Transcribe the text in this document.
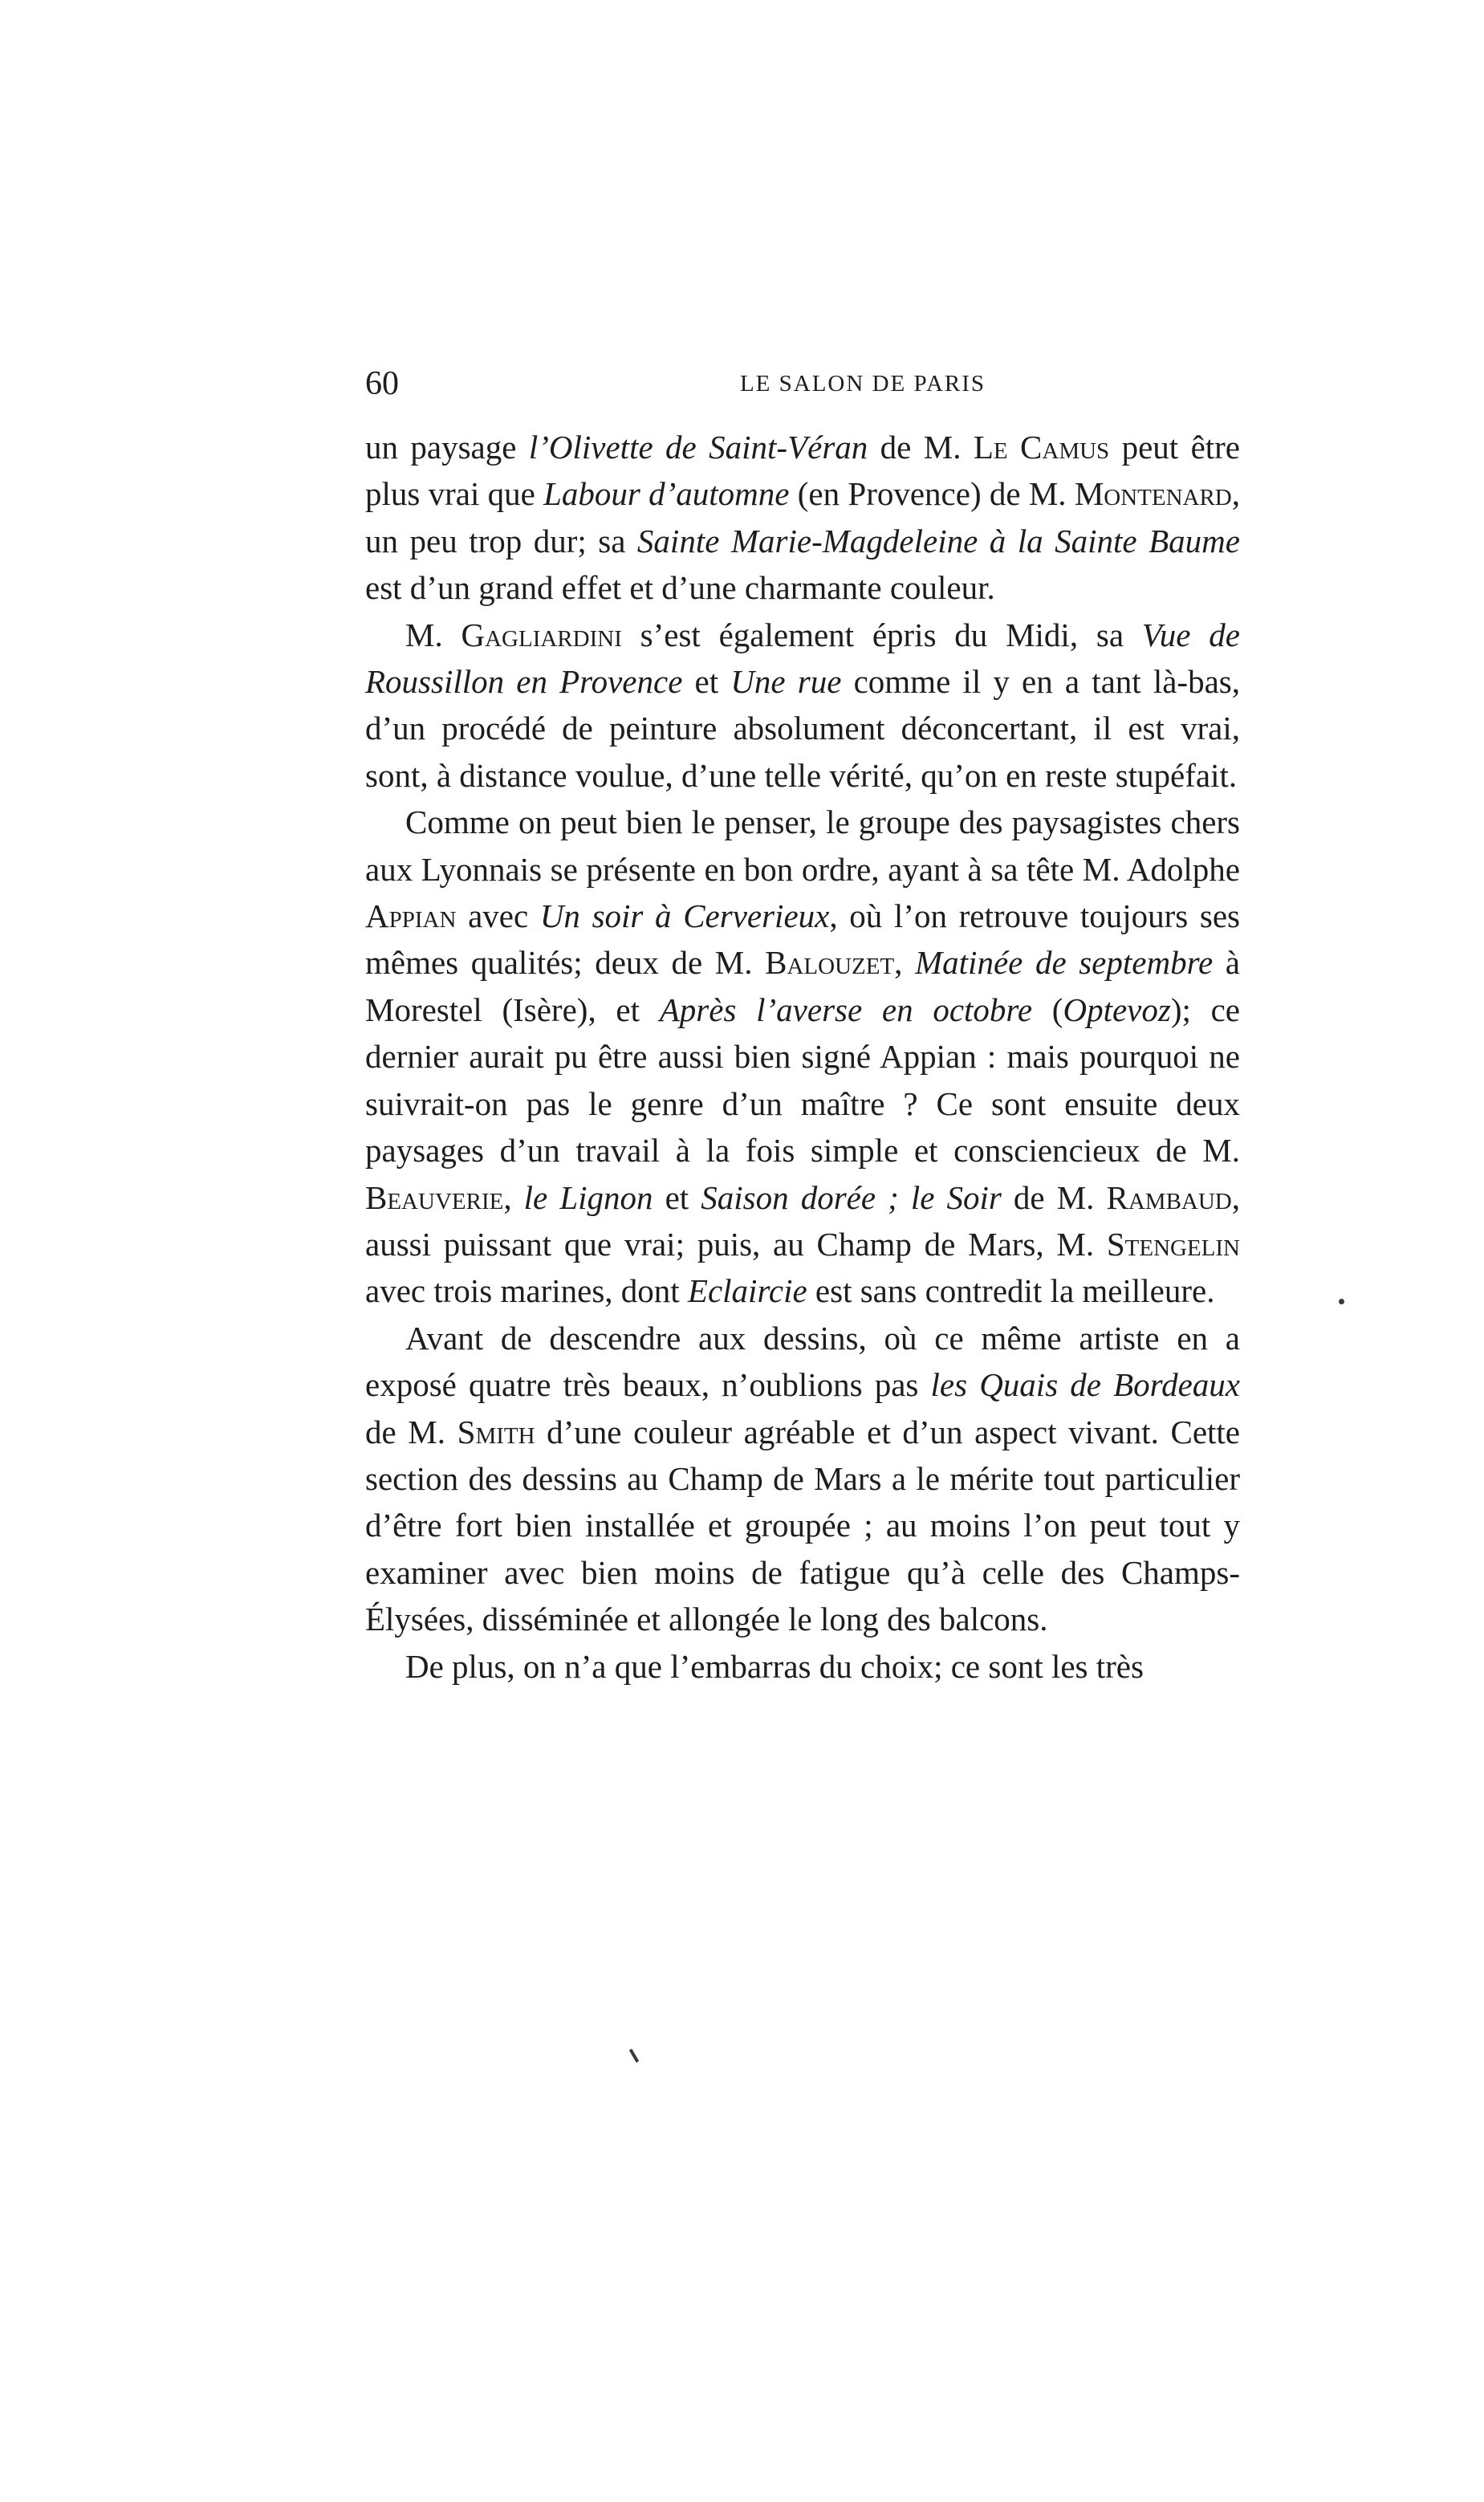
60	LE SALON DE PARIS

un paysage l’Olivette de Saint-Véran de M. Le Camus peut être plus vrai que Labour d’automne (en Provence) de M. Montenard, un peu trop dur; sa Sainte Marie-Magdeleine à la Sainte Baume est d’un grand effet et d’une charmante couleur.

M. Gagliardini s’est également épris du Midi, sa Vue de Roussillon en Provence et Une rue comme il y en a tant là-bas, d’un procédé de peinture absolument déconcertant, il est vrai, sont, à distance voulue, d’une telle vérité, qu’on en reste stupéfait.

Comme on peut bien le penser, le groupe des paysagistes chers aux Lyonnais se présente en bon ordre, ayant à sa tête M. Adolphe Appian avec Un soir à Cerverieux, où l’on retrouve toujours ses mêmes qualités; deux de M. Balouzet, Matinée de septembre à Morestel (Isère), et Après l’averse en octobre (Optevoz); ce dernier aurait pu être aussi bien signé Appian : mais pourquoi ne suivrait-on pas le genre d’un maître ? Ce sont ensuite deux paysages d’un travail à la fois simple et consciencieux de M. Beauverie, le Lignon et Saison dorée ; le Soir de M. Rambaud, aussi puissant que vrai; puis, au Champ de Mars, M. Stengelin avec trois marines, dont Eclaircie est sans contredit la meilleure.

Avant de descendre aux dessins, où ce même artiste en a exposé quatre très beaux, n’oublions pas les Quais de Bordeaux de M. Smith d’une couleur agréable et d’un aspect vivant. Cette section des dessins au Champ de Mars a le mérite tout particulier d’être fort bien installée et groupée ; au moins l’on peut tout y examiner avec bien moins de fatigue qu’à celle des Champs-Élysées, disséminée et allongée le long des balcons.

De plus, on n’a que l’embarras du choix; ce sont les très
